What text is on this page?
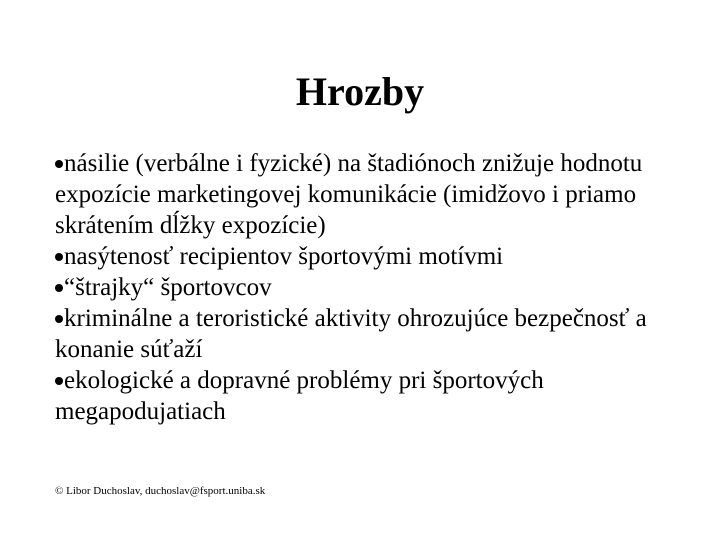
Hrozby
násilie (verbálne i fyzické) na štadiónoch znižuje hodnotu expozície marketingovej komunikácie (imidžovo i priamo skrátením dĺžky expozície)
nasýtenosť recipientov športovými motívmi
“štrajky“ športovcov
kriminálne a teroristické aktivity ohrozujúce bezpečnosť a konanie súťaží
ekologické a dopravné problémy pri športových megapodujatiach
© Libor Duchoslav, duchoslav@fsport.uniba.sk
